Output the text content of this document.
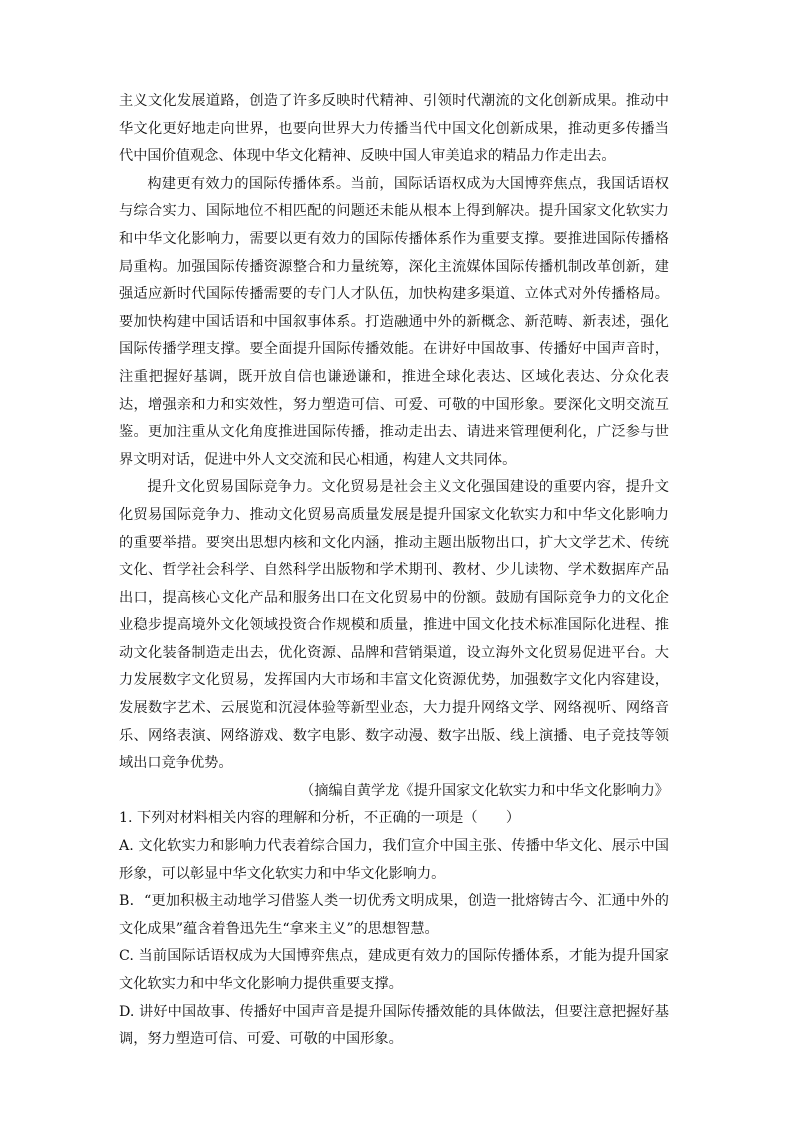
主义文化发展道路，创造了许多反映时代精神、引领时代潮流的文化创新成果。推动中华文化更好地走向世界，也要向世界大力传播当代中国文化创新成果，推动更多传播当代中国价值观念、体现中华文化精神、反映中国人审美追求的精品力作走出去。

构建更有效力的国际传播体系。当前，国际话语权成为大国博弈焦点，我国话语权与综合实力、国际地位不相匹配的问题还未能从根本上得到解决。提升国家文化软实力和中华文化影响力，需要以更有效力的国际传播体系作为重要支撑。要推进国际传播格局重构。加强国际传播资源整合和力量统筹，深化主流媒体国际传播机制改革创新，建强适应新时代国际传播需要的专门人才队伍，加快构建多渠道、立体式对外传播格局。要加快构建中国话语和中国叙事体系。打造融通中外的新概念、新范畴、新表述，强化国际传播学理支撑。要全面提升国际传播效能。在讲好中国故事、传播好中国声音时，注重把握好基调，既开放自信也谦逊谦和，推进全球化表达、区域化表达、分众化表达，增强亲和力和实效性，努力塑造可信、可爱、可敬的中国形象。要深化文明交流互鉴。更加注重从文化角度推进国际传播，推动走出去、请进来管理便利化，广泛参与世界文明对话，促进中外人文交流和民心相通，构建人文共同体。

提升文化贸易国际竞争力。文化贸易是社会主义文化强国建设的重要内容，提升文化贸易国际竞争力、推动文化贸易高质量发展是提升国家文化软实力和中华文化影响力的重要举措。要突出思想内核和文化内涵，推动主题出版物出口，扩大文学艺术、传统文化、哲学社会科学、自然科学出版物和学术期刊、教材、少儿读物、学术数据库产品出口，提高核心文化产品和服务出口在文化贸易中的份额。鼓励有国际竞争力的文化企业稳步提高境外文化领域投资合作规模和质量，推进中国文化技术标准国际化进程、推动文化装备制造走出去，优化资源、品牌和营销渠道，设立海外文化贸易促进平台。大力发展数字文化贸易，发挥国内大市场和丰富文化资源优势，加强数字文化内容建设，发展数字艺术、云展览和沉浸体验等新型业态，大力提升网络文学、网络视听、网络音乐、网络表演、网络游戏、数字电影、数字动漫、数字出版、线上演播、电子竞技等领域出口竞争优势。

（摘编自黄学龙《提升国家文化软实力和中华文化影响力》

1. 下列对材料相关内容的理解和分析，不正确的一项是（　　）

A. 文化软实力和影响力代表着综合国力，我们宣介中国主张、传播中华文化、展示中国形象，可以彰显中华文化软实力和中华文化影响力。

B．“更加积极主动地学习借鉴人类一切优秀文明成果，创造一批熔铸古今、汇通中外的文化成果”蕴含着鲁迅先生“拿来主义”的思想智慧。

C. 当前国际话语权成为大国博弈焦点，建成更有效力的国际传播体系，才能为提升国家文化软实力和中华文化影响力提供重要支撑。

D. 讲好中国故事、传播好中国声音是提升国际传播效能的具体做法，但要注意把握好基调，努力塑造可信、可爱、可敬的中国形象。
